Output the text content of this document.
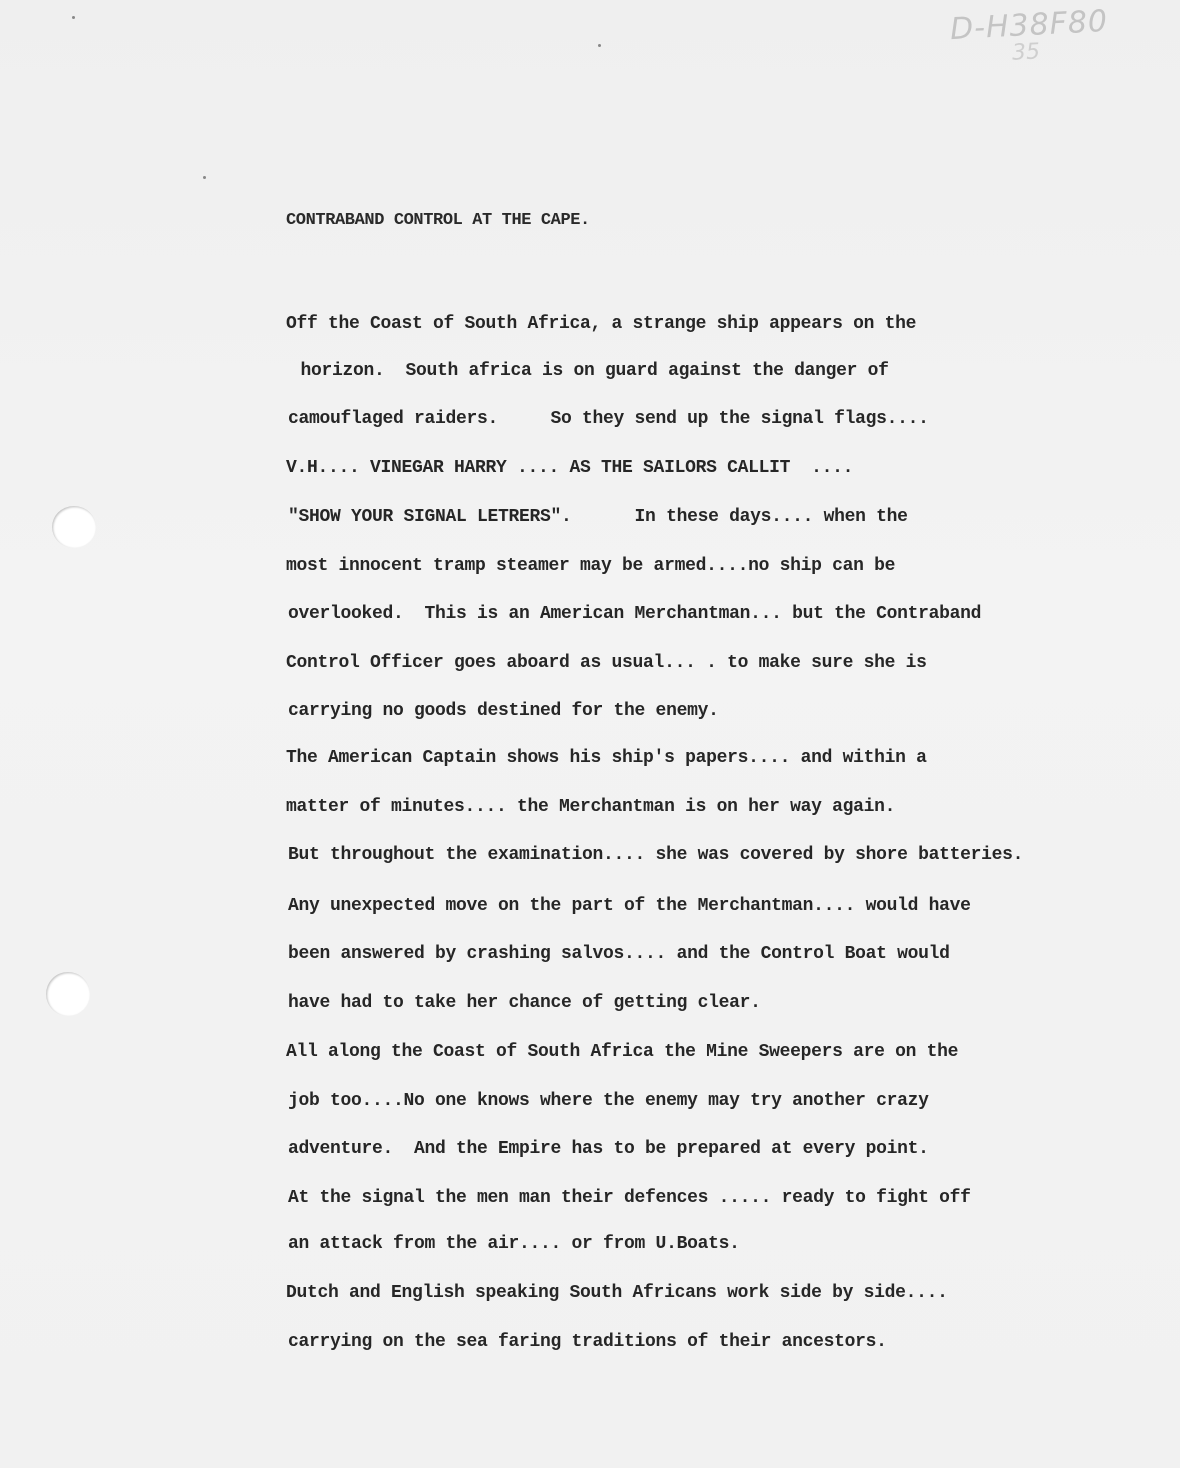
D-H38F80
35
CONTRABAND CONTROL AT THE CAPE.
Off the Coast of South Africa, a strange ship appears on the
horizon.  South africa is on guard against the danger of
camouflaged raiders.     So they send up the signal flags....
V.H.... VINEGAR HARRY .... AS THE SAILORS CALLIT  ....
"SHOW YOUR SIGNAL LETRERS".      In these days.... when the
most innocent tramp steamer may be armed....no ship can be
overlooked.  This is an American Merchantman... but the Contraband
Control Officer goes aboard as usual... . to make sure she is
carrying no goods destined for the enemy.
The American Captain shows his ship's papers.... and within a
matter of minutes.... the Merchantman is on her way again.
But throughout the examination.... she was covered by shore batteries.
Any unexpected move on the part of the Merchantman.... would have
been answered by crashing salvos.... and the Control Boat would
have had to take her chance of getting clear.
All along the Coast of South Africa the Mine Sweepers are on the
job too....No one knows where the enemy may try another crazy
adventure.  And the Empire has to be prepared at every point.
At the signal the men man their defences ..... ready to fight off
an attack from the air.... or from U.Boats.
Dutch and English speaking South Africans work side by side....
carrying on the sea faring traditions of their ancestors.
